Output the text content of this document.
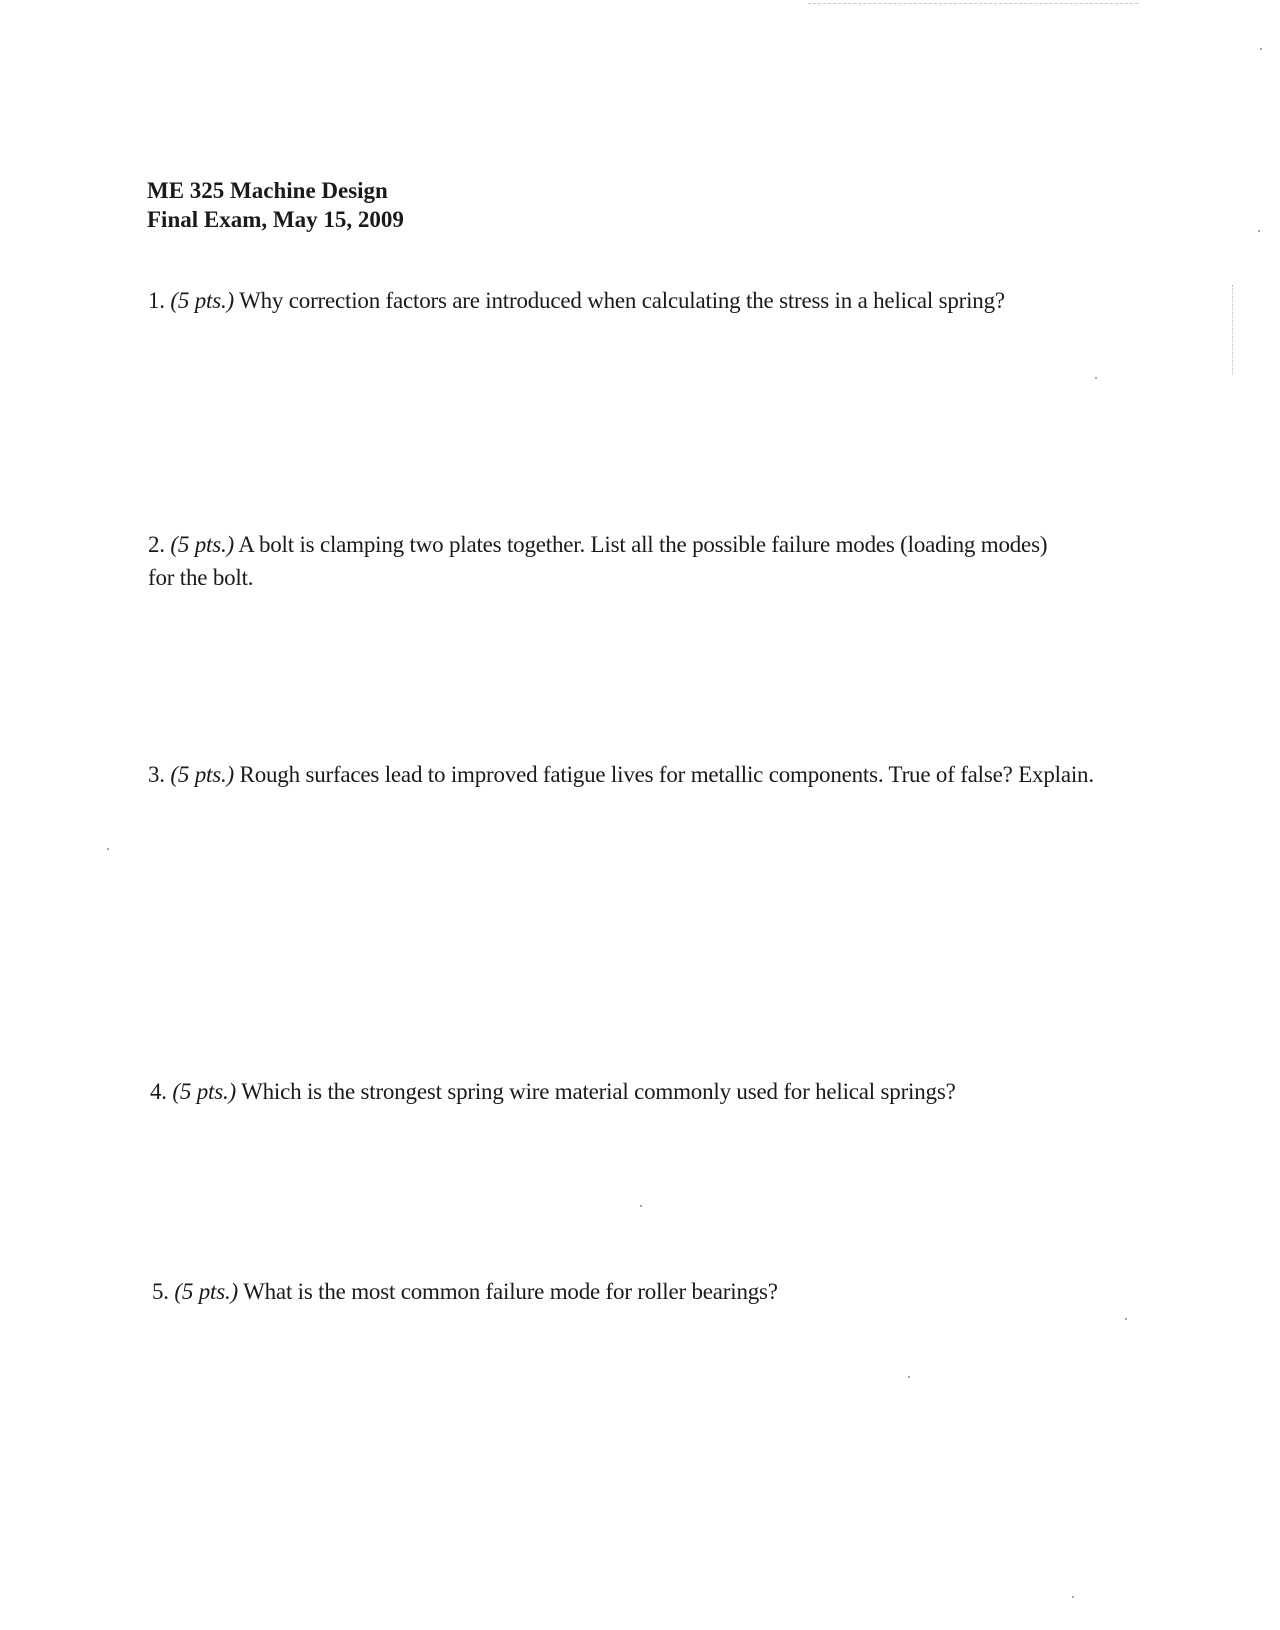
ME 325 Machine Design
Final Exam, May 15, 2009
1. (5 pts.) Why correction factors are introduced when calculating the stress in a helical spring?
2. (5 pts.) A bolt is clamping two plates together. List all the possible failure modes (loading modes) for the bolt.
3. (5 pts.) Rough surfaces lead to improved fatigue lives for metallic components. True of false? Explain.
4. (5 pts.) Which is the strongest spring wire material commonly used for helical springs?
5. (5 pts.) What is the most common failure mode for roller bearings?
